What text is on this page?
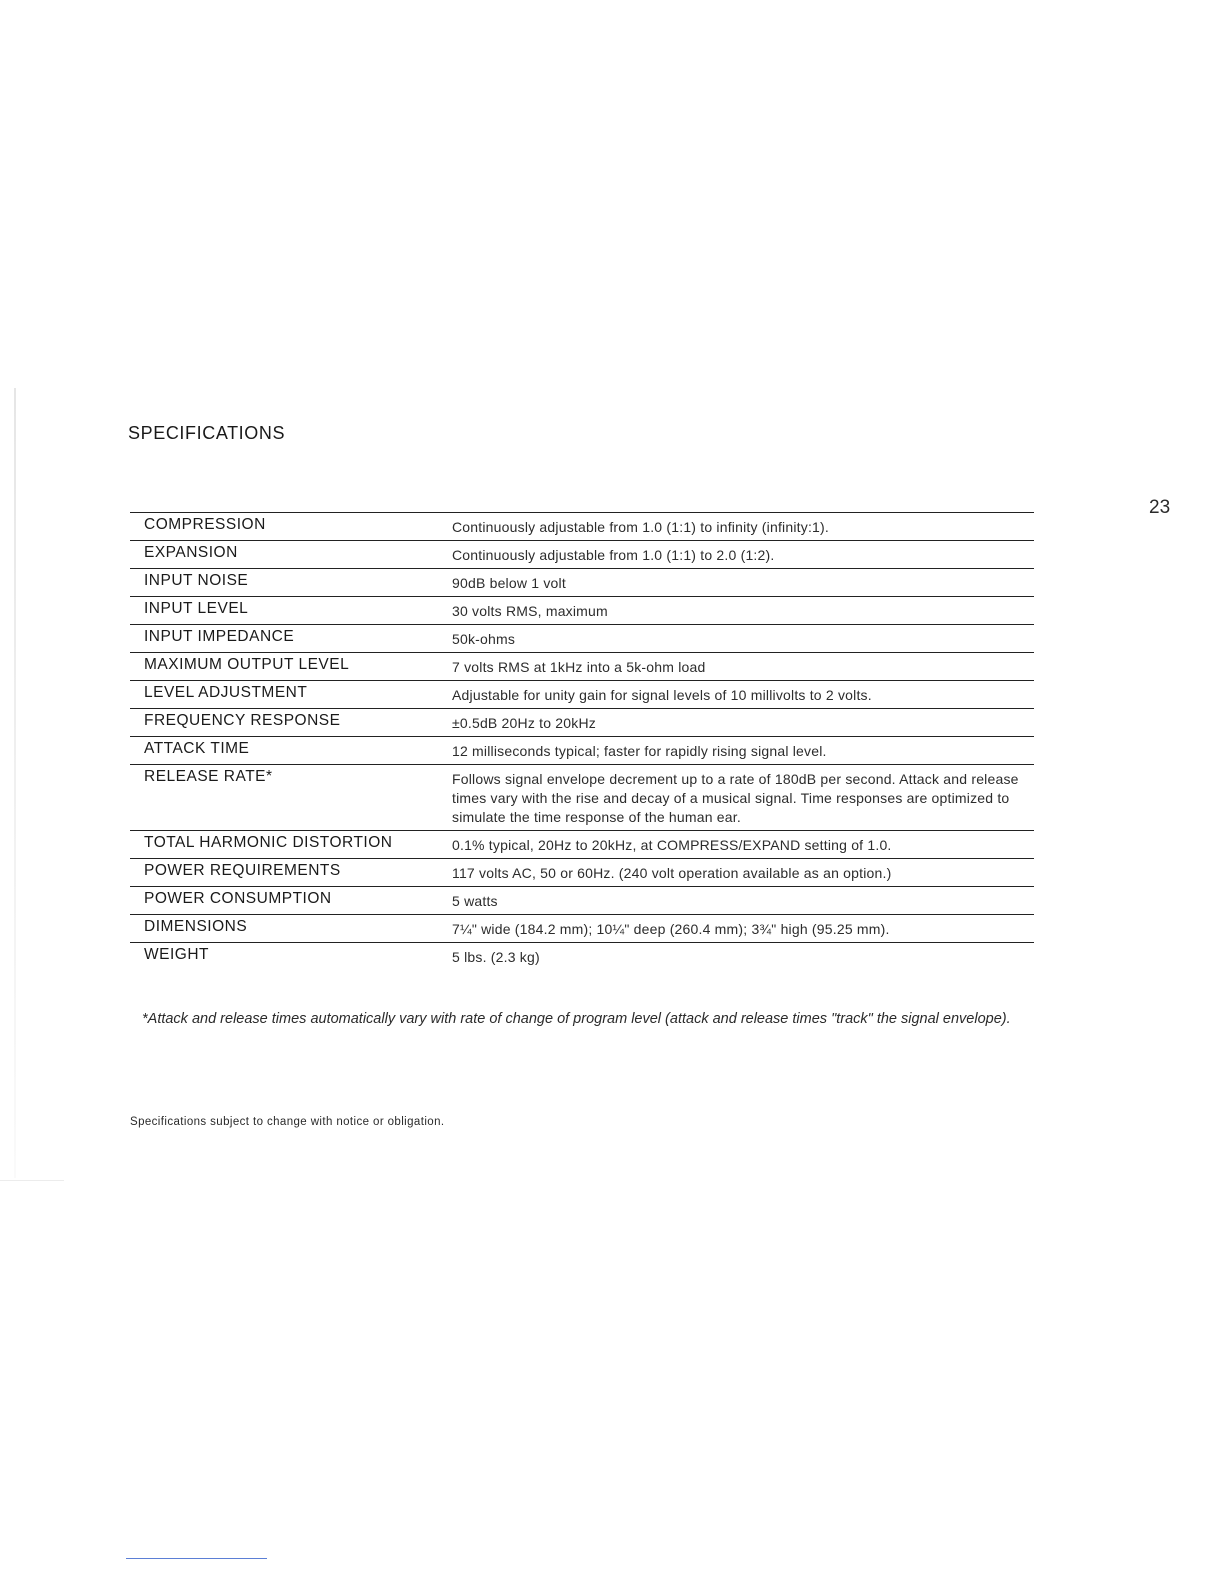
SPECIFICATIONS
23
COMPRESSION	Continuously adjustable from 1.0 (1:1) to infinity (infinity:1).
EXPANSION	Continuously adjustable from 1.0 (1:1) to 2.0 (1:2).
INPUT NOISE	90dB below 1 volt
INPUT LEVEL	30 volts RMS, maximum
INPUT IMPEDANCE	50k-ohms
MAXIMUM OUTPUT LEVEL	7 volts RMS at 1kHz into a 5k-ohm load
LEVEL ADJUSTMENT	Adjustable for unity gain for signal levels of 10 millivolts to 2 volts.
FREQUENCY RESPONSE	±0.5dB 20Hz to 20kHz
ATTACK TIME	12 milliseconds typical; faster for rapidly rising signal level.
RELEASE RATE*	Follows signal envelope decrement up to a rate of 180dB per second. Attack and release times vary with the rise and decay of a musical signal. Time responses are optimized to simulate the time response of the human ear.
TOTAL HARMONIC DISTORTION	0.1% typical, 20Hz to 20kHz, at COMPRESS/EXPAND setting of 1.0.
POWER REQUIREMENTS	117 volts AC, 50 or 60Hz. (240 volt operation available as an option.)
POWER CONSUMPTION	5 watts
DIMENSIONS	7¼" wide (184.2 mm); 10¼" deep (260.4 mm); 3¾" high (95.25 mm).
WEIGHT	5 lbs. (2.3 kg)
*Attack and release times automatically vary with rate of change of program level (attack and release times "track" the signal envelope).
Specifications subject to change with notice or obligation.
